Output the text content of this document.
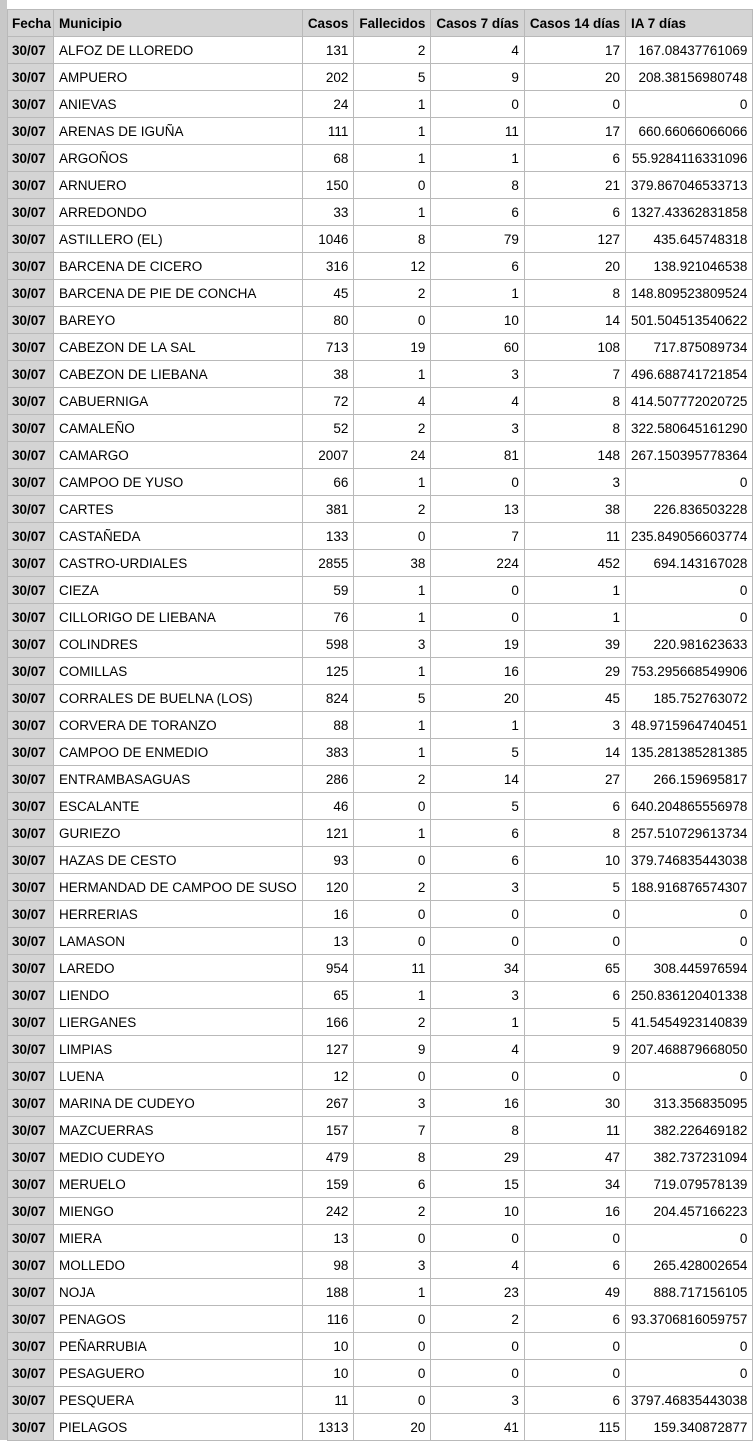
Fecha	Municipio	Casos	Fallecidos	Casos 7 días	Casos 14 días	IA 7 días
30/07	ALFOZ DE LLOREDO	131	2	4	17	167.08437761069
30/07	AMPUERO	202	5	9	20	208.38156980748
30/07	ANIEVAS	24	1	0	0	0
30/07	ARENAS DE IGUÑA	111	1	11	17	660.66066066066
30/07	ARGOÑOS	68	1	1	6	55.9284116331096
30/07	ARNUERO	150	0	8	21	379.867046533713
30/07	ARREDONDO	33	1	6	6	1327.43362831858
30/07	ASTILLERO (EL)	1046	8	79	127	435.645748318
30/07	BARCENA DE CICERO	316	12	6	20	138.921046538
30/07	BARCENA DE PIE DE CONCHA	45	2	1	8	148.809523809524
30/07	BAREYO	80	0	10	14	501.504513540622
30/07	CABEZON DE LA SAL	713	19	60	108	717.875089734
30/07	CABEZON DE LIEBANA	38	1	3	7	496.688741721854
30/07	CABUERNIGA	72	4	4	8	414.507772020725
30/07	CAMALEÑO	52	2	3	8	322.580645161290
30/07	CAMARGO	2007	24	81	148	267.150395778364
30/07	CAMPOO DE YUSO	66	1	0	3	0
30/07	CARTES	381	2	13	38	226.836503228
30/07	CASTAÑEDA	133	0	7	11	235.849056603774
30/07	CASTRO-URDIALES	2855	38	224	452	694.143167028
30/07	CIEZA	59	1	0	1	0
30/07	CILLORIGO DE LIEBANA	76	1	0	1	0
30/07	COLINDRES	598	3	19	39	220.981623633
30/07	COMILLAS	125	1	16	29	753.295668549906
30/07	CORRALES DE BUELNA (LOS)	824	5	20	45	185.752763072
30/07	CORVERA DE TORANZO	88	1	1	3	48.9715964740451
30/07	CAMPOO DE ENMEDIO	383	1	5	14	135.281385281385
30/07	ENTRAMBASAGUAS	286	2	14	27	266.159695817
30/07	ESCALANTE	46	0	5	6	640.204865556978
30/07	GURIEZO	121	1	6	8	257.510729613734
30/07	HAZAS DE CESTO	93	0	6	10	379.746835443038
30/07	HERMANDAD DE CAMPOO DE SUSO	120	2	3	5	188.916876574307
30/07	HERRERIAS	16	0	0	0	0
30/07	LAMASON	13	0	0	0	0
30/07	LAREDO	954	11	34	65	308.445976594
30/07	LIENDO	65	1	3	6	250.836120401338
30/07	LIERGANES	166	2	1	5	41.5454923140839
30/07	LIMPIAS	127	9	4	9	207.468879668050
30/07	LUENA	12	0	0	0	0
30/07	MARINA DE CUDEYO	267	3	16	30	313.356835095
30/07	MAZCUERRAS	157	7	8	11	382.226469182
30/07	MEDIO CUDEYO	479	8	29	47	382.737231094
30/07	MERUELO	159	6	15	34	719.079578139
30/07	MIENGO	242	2	10	16	204.457166223
30/07	MIERA	13	0	0	0	0
30/07	MOLLEDO	98	3	4	6	265.428002654
30/07	NOJA	188	1	23	49	888.717156105
30/07	PENAGOS	116	0	2	6	93.3706816059757
30/07	PEÑARRUBIA	10	0	0	0	0
30/07	PESAGUERO	10	0	0	0	0
30/07	PESQUERA	11	0	3	6	3797.46835443038
30/07	PIELAGOS	1313	20	41	115	159.340872877
